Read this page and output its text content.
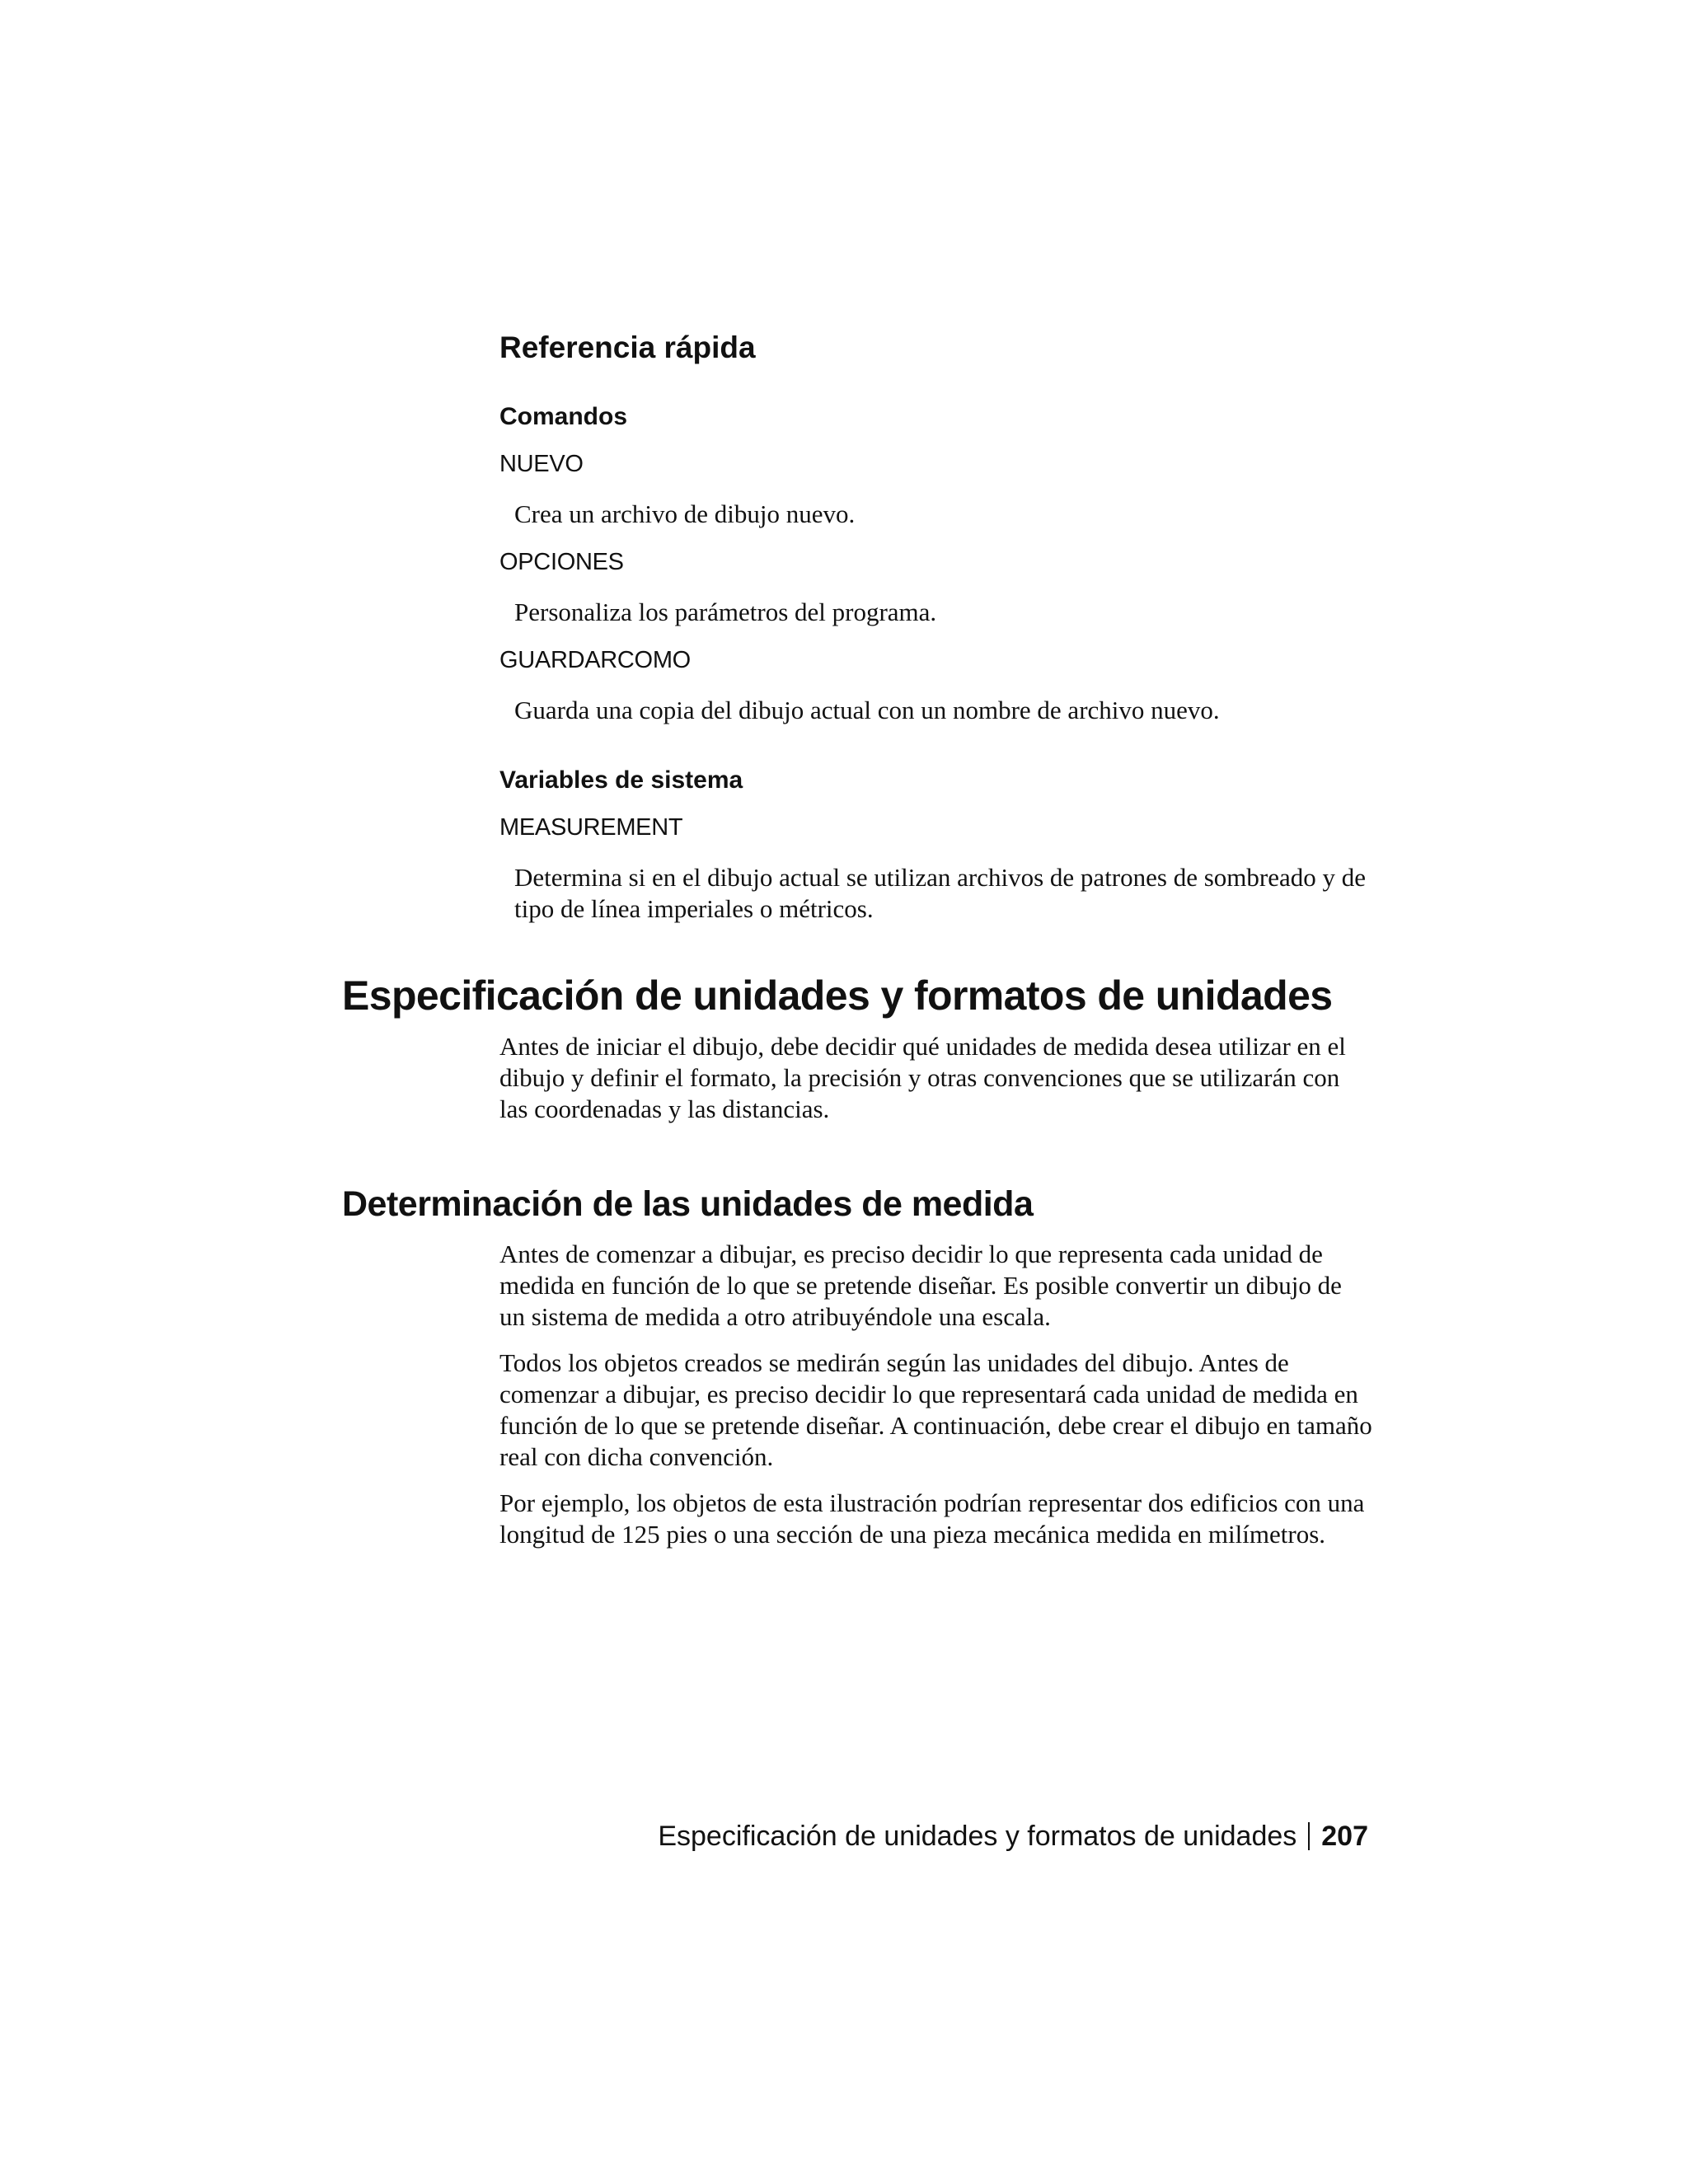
Referencia rápida
Comandos
NUEVO
Crea un archivo de dibujo nuevo.
OPCIONES
Personaliza los parámetros del programa.
GUARDARCOMO
Guarda una copia del dibujo actual con un nombre de archivo nuevo.
Variables de sistema
MEASUREMENT
Determina si en el dibujo actual se utilizan archivos de patrones de sombreado y de tipo de línea imperiales o métricos.
Especificación de unidades y formatos de unidades

Antes de iniciar el dibujo, debe decidir qué unidades de medida desea utilizar en el dibujo y definir el formato, la precisión y otras convenciones que se utilizarán con las coordenadas y las distancias.

Determinación de las unidades de medida

Antes de comenzar a dibujar, es preciso decidir lo que representa cada unidad de medida en función de lo que se pretende diseñar. Es posible convertir un dibujo de un sistema de medida a otro atribuyéndole una escala.

Todos los objetos creados se medirán según las unidades del dibujo. Antes de comenzar a dibujar, es preciso decidir lo que representará cada unidad de medida en función de lo que se pretende diseñar. A continuación, debe crear el dibujo en tamaño real con dicha convención.

Por ejemplo, los objetos de esta ilustración podrían representar dos edificios con una longitud de 125 pies o una sección de una pieza mecánica medida en milímetros.

Especificación de unidades y formatos de unidades 207
